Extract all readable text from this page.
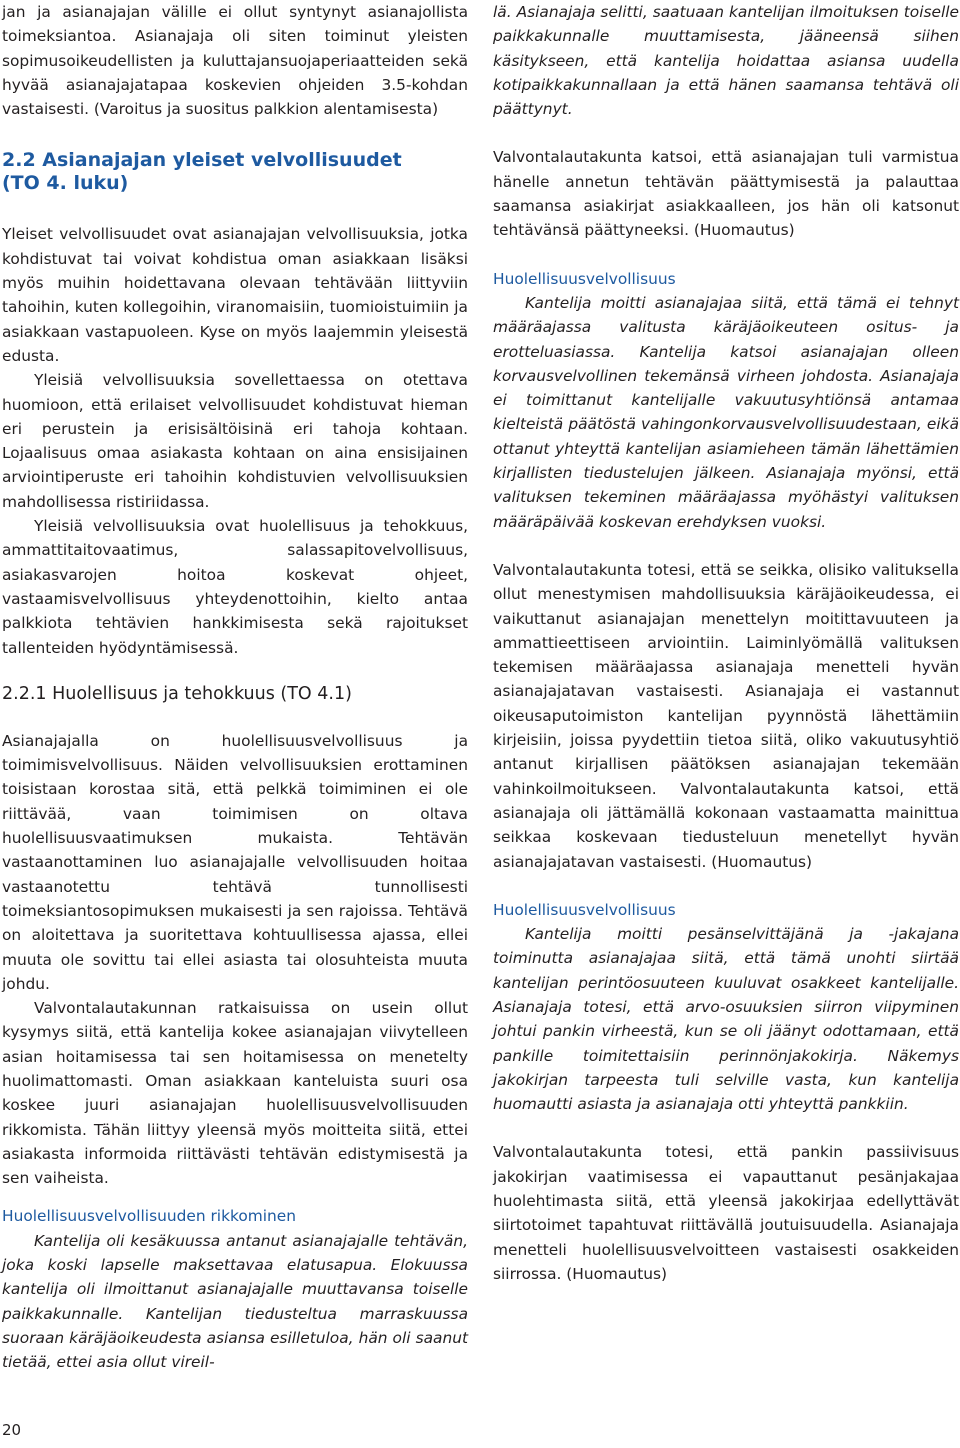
jan ja asianajajan välille ei ollut syntynyt asianajollista toimeksiantoa. Asianajaja oli siten toiminut yleisten sopimusoikeudellisten ja kuluttajansuojaperiaatteiden sekä hyvää asianajajatapaa koskevien ohjeiden 3.5-kohdan vastaisesti. (Varoitus ja suositus palkkion alentamisesta)

2.2 Asianajajan yleiset velvollisuudet
(TO 4. luku)

Yleiset velvollisuudet ovat asianajajan velvollisuuksia, jotka kohdistuvat tai voivat kohdistua oman asiakkaan lisäksi myös muihin hoidettavana olevaan tehtävään liittyviin tahoihin, kuten kollegoihin, viranomaisiin, tuomioistuimiin ja asiakkaan vastapuoleen. Kyse on myös laajemmin yleisestä edusta.

Yleisiä velvollisuuksia sovellettaessa on otettava huomioon, että erilaiset velvollisuudet kohdistuvat hieman eri perustein ja erisisältöisinä eri tahoja kohtaan. Lojaalisuus omaa asiakasta kohtaan on aina ensisijainen arviointiperuste eri tahoihin kohdistuvien velvollisuuksien mahdollisessa ristiriidassa.

Yleisiä velvollisuuksia ovat huolellisuus ja tehokkuus, ammattitaitovaatimus, salassapitovelvollisuus, asiakasvarojen hoitoa koskevat ohjeet, vastaamisvelvollisuus yhteydenottoihin, kielto antaa palkkiota tehtävien hankkimisesta sekä rajoitukset tallenteiden hyödyntämisessä.

2.2.1 Huolellisuus ja tehokkuus (TO 4.1)

Asianajajalla on huolellisuusvelvollisuus ja toimimisvelvollisuus. Näiden velvollisuuksien erottaminen toisistaan korostaa sitä, että pelkkä toimiminen ei ole riittävää, vaan toimimisen on oltava huolellisuusvaatimuksen mukaista. Tehtävän vastaanottaminen luo asianajajalle velvollisuuden hoitaa vastaanotettu tehtävä tunnollisesti toimeksiantosopimuksen mukaisesti ja sen rajoissa. Tehtävä on aloitettava ja suoritettava kohtuullisessa ajassa, ellei muuta ole sovittu tai ellei asiasta tai olosuhteista muuta johdu.

Valvontalautakunnan ratkaisuissa on usein ollut kysymys siitä, että kantelija kokee asianajajan viivytelleen asian hoitamisessa tai sen hoitamisessa on menetelty huolimattomasti. Oman asiakkaan kanteluista suuri osa koskee juuri asianajajan huolellisuusvelvollisuuden rikkomista. Tähän liittyy yleensä myös moitteita siitä, ettei asiakasta informoida riittävästi tehtävän edistymisestä ja sen vaiheista.

Huolellisuusvelvollisuuden rikkominen

Kantelija oli kesäkuussa antanut asianajajalle tehtävän, joka koski lapselle maksettavaa elatusapua. Elokuussa kantelija oli ilmoittanut asianajajalle muuttavansa toiselle paikkakunnalle. Kantelijan tiedusteltua marraskuussa suoraan käräjäoikeudesta asiansa esilletuloa, hän oli saanut tietää, ettei asia ollut vireil-

lä. Asianajaja selitti, saatuaan kantelijan ilmoituksen toiselle paikkakunnalle muuttamisesta, jääneensä siihen käsitykseen, että kantelija hoidattaa asiansa uudella kotipaikkakunnallaan ja että hänen saamansa tehtävä oli päättynyt.

Valvontalautakunta katsoi, että asianajajan tuli varmistua hänelle annetun tehtävän päättymisestä ja palauttaa saamansa asiakirjat asiakkaalleen, jos hän oli katsonut tehtävänsä päättyneeksi. (Huomautus)

Huolellisuusvelvollisuus

Kantelija moitti asianajajaa siitä, että tämä ei tehnyt määräajassa valitusta käräjäoikeuteen ositus- ja erotteluasiassa. Kantelija katsoi asianajajan olleen korvausvelvollinen tekemänsä virheen johdosta. Asianajaja ei toimittanut kantelijalle vakuutusyhtiönsä antamaa kielteistä päätöstä vahingonkorvausvelvollisuudestaan, eikä ottanut yhteyttä kantelijan asiamieheen tämän lähettämien kirjallisten tiedustelujen jälkeen. Asianajaja myönsi, että valituksen tekeminen määräajassa myöhästyi valituksen määräpäivää koskevan erehdyksen vuoksi.

Valvontalautakunta totesi, että se seikka, olisiko valituksella ollut menestymisen mahdollisuuksia käräjäoikeudessa, ei vaikuttanut asianajajan menettelyn moitittavuuteen ja ammattieettiseen arviointiin. Laiminlyömällä valituksen tekemisen määräajassa asianajaja menetteli hyvän asianajajatavan vastaisesti. Asianajaja ei vastannut oikeusaputoimiston kantelijan pyynnöstä lähettämiin kirjeisiin, joissa pyydettiin tietoa siitä, oliko vakuutusyhtiö antanut kirjallisen päätöksen asianajajan tekemään vahinkoilmoitukseen. Valvontalautakunta katsoi, että asianajaja oli jättämällä kokonaan vastaamatta mainittua seikkaa koskevaan tiedusteluun menetellyt hyvän asianajajatavan vastaisesti. (Huomautus)

Huolellisuusvelvollisuus

Kantelija moitti pesänselvittäjänä ja -jakajana toiminutta asianajajaa siitä, että tämä unohti siirtää kantelijan perintöosuuteen kuuluvat osakkeet kantelijalle. Asianajaja totesi, että arvo-osuuksien siirron viipyminen johtui pankin virheestä, kun se oli jäänyt odottamaan, että pankille toimitettaisiin perinnönjakokirja. Näkemys jakokirjan tarpeesta tuli selville vasta, kun kantelija huomautti asiasta ja asianajaja otti yhteyttä pankkiin.

Valvontalautakunta totesi, että pankin passiivisuus jakokirjan vaatimisessa ei vapauttanut pesänjakajaa huolehtimasta siitä, että yleensä jakokirjaa edellyttävät siirtotoimet tapahtuvat riittävällä joutuisuudella. Asianajaja menetteli huolellisuusvelvoitteen vastaisesti osakkeiden siirrossa. (Huomautus)

20
